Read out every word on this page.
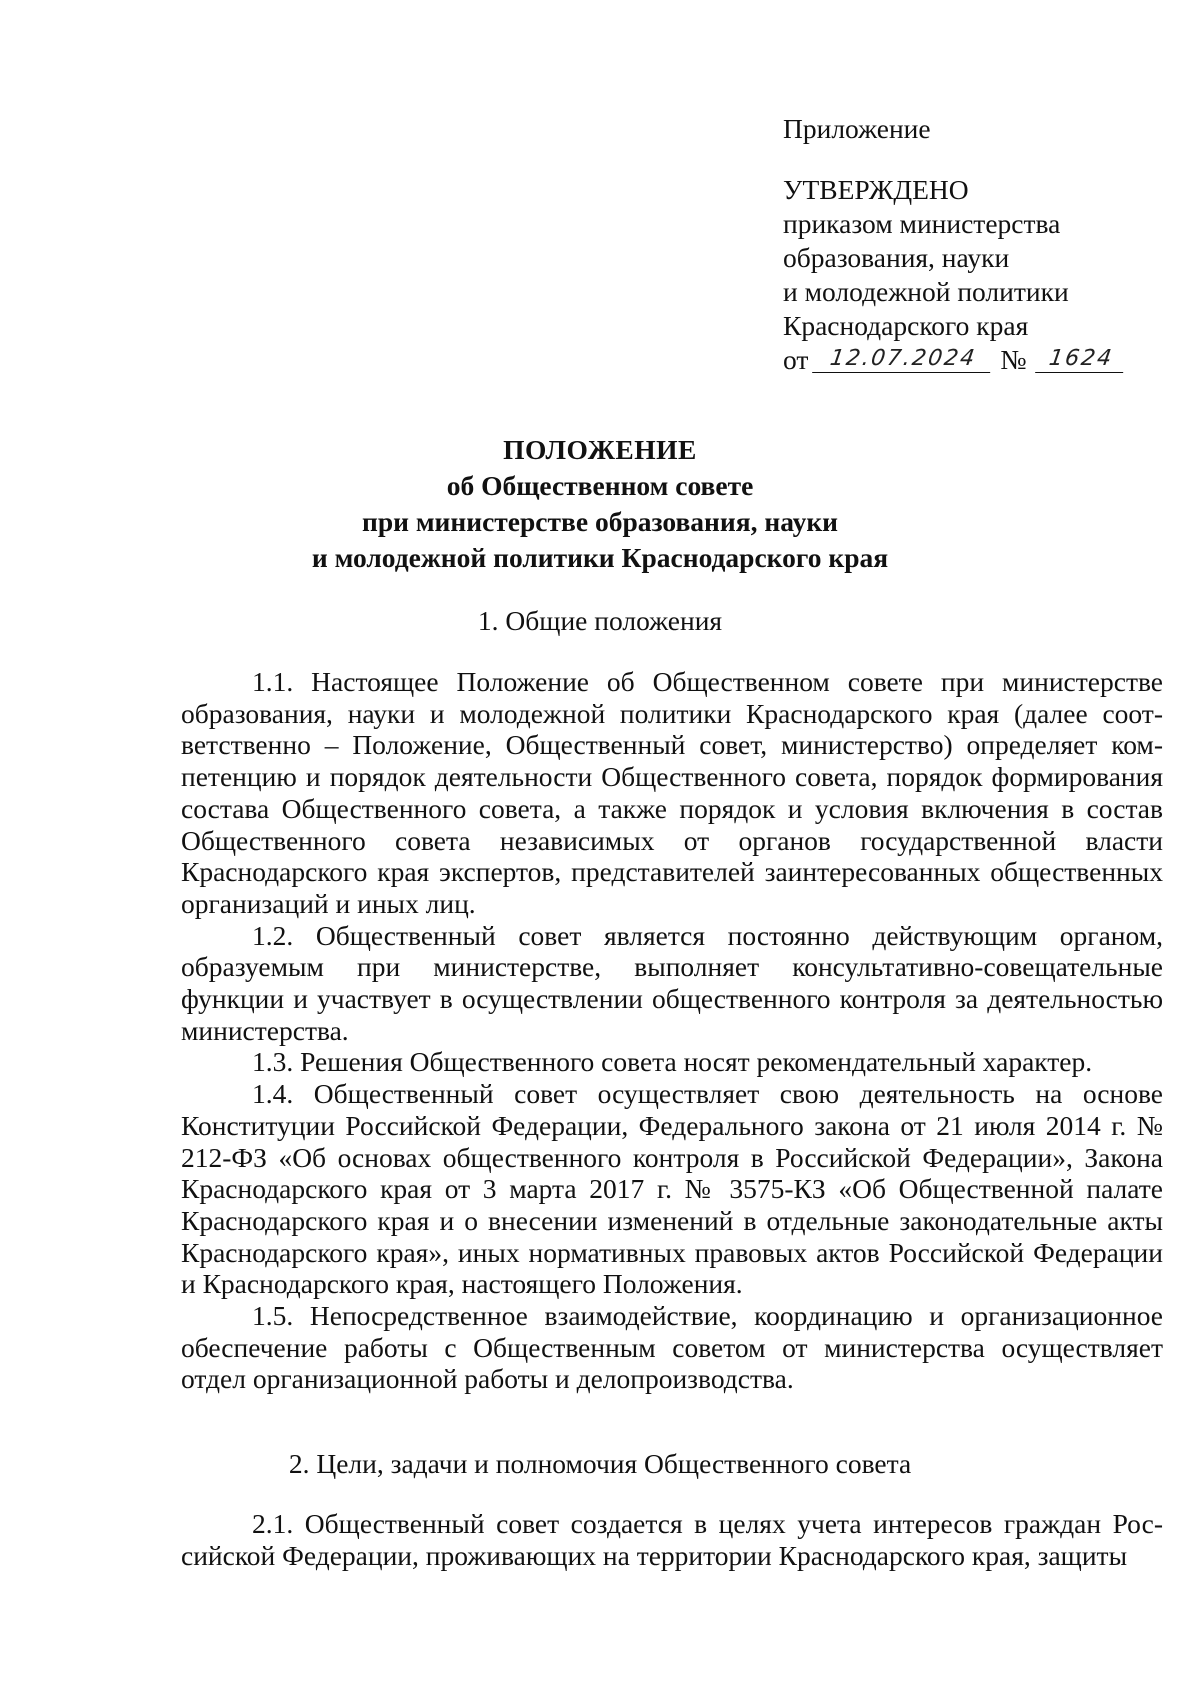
Приложение
УТВЕРЖДЕНО
приказом министерства
образования, науки
и молодежной политики
Краснодарского края
от 12.07.2024 № 1624
ПОЛОЖЕНИЕ
об Общественном совете
при министерстве образования, науки
и молодежной политики Краснодарского края
1. Общие положения

1.1. Настоящее Положение об Общественном совете при министерстве образования, науки и молодежной политики Краснодарского края (далее соответственно – Положение, Общественный совет, министерство) определяет компетенцию и порядок деятельности Общественного совета, порядок формирования состава Общественного совета, а также порядок и условия включения в состав Общественного совета независимых от органов государственной власти Краснодарского края экспертов, представителей заинтересованных общественных организаций и иных лиц.

1.2. Общественный совет является постоянно действующим органом, образуемым при министерстве, выполняет консультативно-совещательные функции и участвует в осуществлении общественного контроля за деятельностью министерства.

1.3. Решения Общественного совета носят рекомендательный характер.

1.4. Общественный совет осуществляет свою деятельность на основе Конституции Российской Федерации, Федерального закона от 21 июля 2014 г. № 212-ФЗ «Об основах общественного контроля в Российской Федерации», Закона Краснодарского края от 3 марта 2017 г. № 3575-КЗ «Об Общественной палате Краснодарского края и о внесении изменений в отдельные законодательные акты Краснодарского края», иных нормативных правовых актов Российской Федерации и Краснодарского края, настоящего Положения.

1.5. Непосредственное взаимодействие, координацию и организационное обеспечение работы с Общественным советом от министерства осуществляет отдел организационной работы и делопроизводства.

2. Цели, задачи и полномочия Общественного совета

2.1. Общественный совет создается в целях учета интересов граждан Российской Федерации, проживающих на территории Краснодарского края, защиты
